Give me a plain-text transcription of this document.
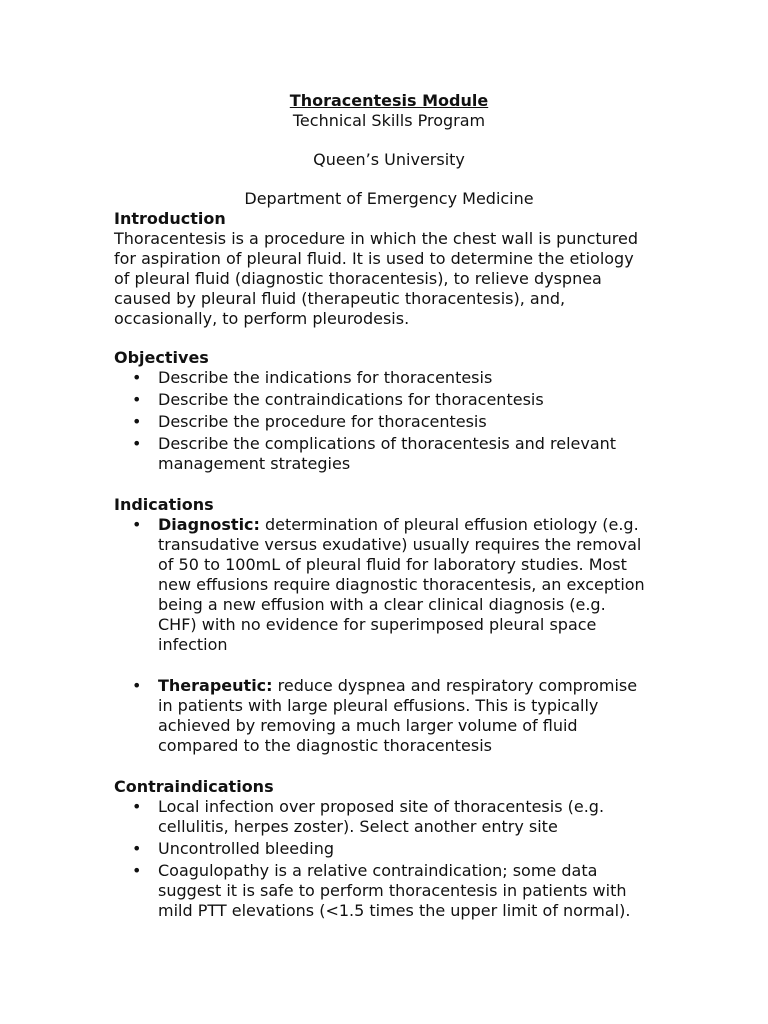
Thoracentesis Module
Technical Skills Program
Queen’s University
Department of Emergency Medicine
Introduction
Thoracentesis is a procedure in which the chest wall is punctured
for aspiration of pleural fluid. It is used to determine the etiology
of pleural fluid (diagnostic thoracentesis), to relieve dyspnea
caused by pleural fluid (therapeutic thoracentesis), and,
occasionally, to perform pleurodesis.
Objectives
• Describe the indications for thoracentesis
• Describe the contraindications for thoracentesis
• Describe the procedure for thoracentesis
• Describe the complications of thoracentesis and relevant
management strategies
Indications
• Diagnostic: determination of pleural effusion etiology (e.g.
transudative versus exudative) usually requires the removal
of 50 to 100mL of pleural fluid for laboratory studies. Most
new effusions require diagnostic thoracentesis, an exception
being a new effusion with a clear clinical diagnosis (e.g.
CHF) with no evidence for superimposed pleural space
infection
• Therapeutic: reduce dyspnea and respiratory compromise
in patients with large pleural effusions. This is typically
achieved by removing a much larger volume of fluid
compared to the diagnostic thoracentesis
Contraindications
• Local infection over proposed site of thoracentesis (e.g.
cellulitis, herpes zoster). Select another entry site
• Uncontrolled bleeding
• Coagulopathy is a relative contraindication; some data
suggest it is safe to perform thoracentesis in patients with
mild PTT elevations (<1.5 times the upper limit of normal).
